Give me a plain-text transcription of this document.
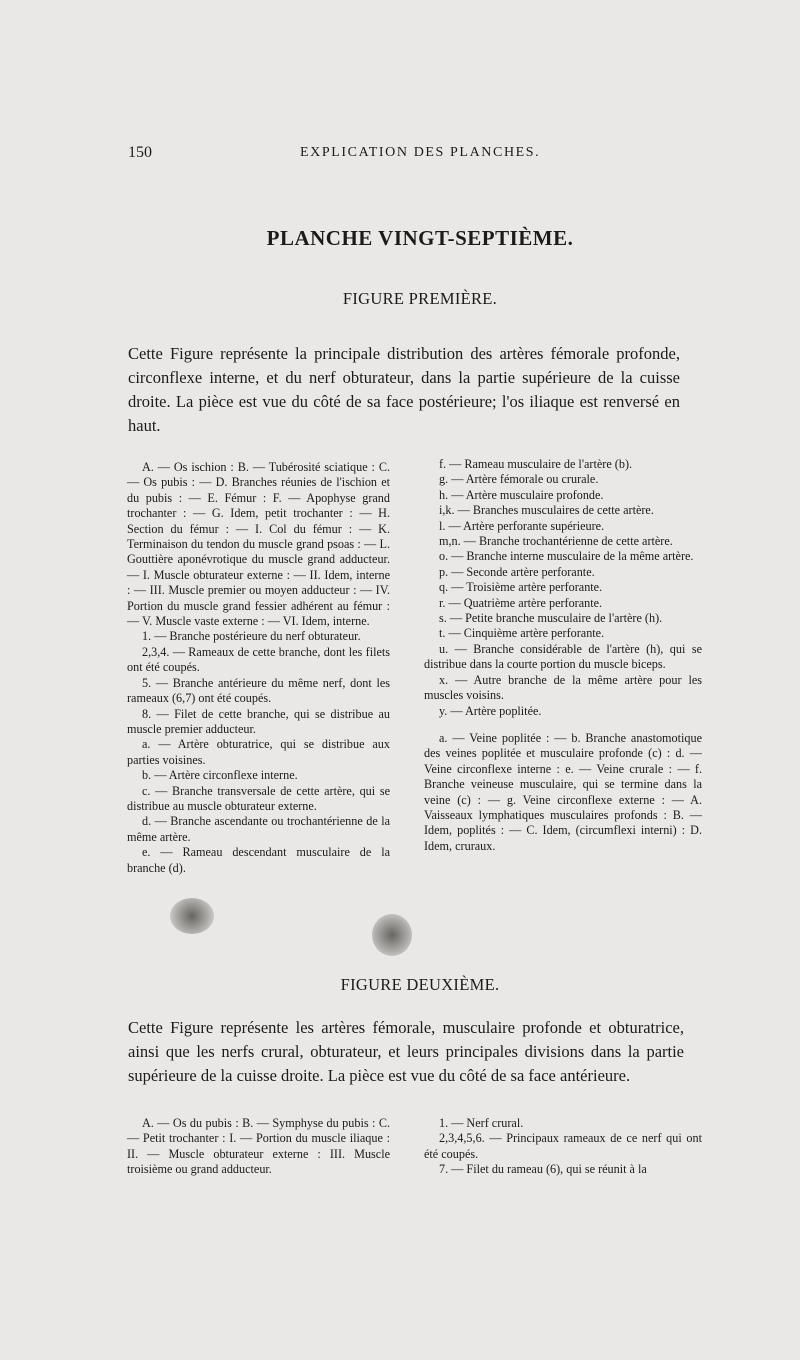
150	EXPLICATION DES PLANCHES.
PLANCHE VINGT-SEPTIÈME.
FIGURE PREMIÈRE.

Cette Figure représente la principale distribution des artères fémorale profonde, circonflexe interne, et du nerf obturateur, dans la partie supérieure de la cuisse droite. La pièce est vue du côté de sa face postérieure; l'os iliaque est renversé en haut.

A. — Os ischion : B. — Tubérosité sciatique : C. — Os pubis : — D. Branches réunies de l'ischion et du pubis : — E. Fémur : F. — Apophyse grand trochanter : — G. Idem, petit trochanter : — H. Section du fémur : — I. Col du fémur : — K. Terminaison du tendon du muscle grand psoas : — L. Gouttière aponévrotique du muscle grand adducteur. — I. Muscle obturateur externe : — II. Idem, interne : — III. Muscle premier ou moyen adducteur : — IV. Portion du muscle grand fessier adhérent au fémur : — V. Muscle vaste externe : — VI. Idem, interne.

1. — Branche postérieure du nerf obturateur.

2,3,4. — Rameaux de cette branche, dont les filets ont été coupés.

5. — Branche antérieure du même nerf, dont les rameaux (6,7) ont été coupés.

8. — Filet de cette branche, qui se distribue au muscle premier adducteur.

a. — Artère obturatrice, qui se distribue aux parties voisines.

b. — Artère circonflexe interne.

c. — Branche transversale de cette artère, qui se distribue au muscle obturateur externe.

d. — Branche ascendante ou trochantérienne de la même artère.

e. — Rameau descendant musculaire de la branche (d).

f. — Rameau musculaire de l'artère (b).

g. — Artère fémorale ou crurale.

h. — Artère musculaire profonde.

i,k. — Branches musculaires de cette artère.

l. — Artère perforante supérieure.

m,n. — Branche trochantérienne de cette artère.

o. — Branche interne musculaire de la même artère.

p. — Seconde artère perforante.

q. — Troisième artère perforante.

r. — Quatrième artère perforante.

s. — Petite branche musculaire de l'artère (h).

t. — Cinquième artère perforante.

u. — Branche considérable de l'artère (h), qui se distribue dans la courte portion du muscle biceps.

x. — Autre branche de la même artère pour les muscles voisins.

y. — Artère poplitée.

a. — Veine poplitée : — b. Branche anastomotique des veines poplitée et musculaire profonde (c) : d. — Veine circonflexe interne : e. — Veine crurale : — f. Branche veineuse musculaire, qui se termine dans la veine (c) : — g. Veine circonflexe externe : — A. Vaisseaux lymphatiques musculaires profonds : B. — Idem, poplités : — C. Idem, (circumflexi interni) : D. Idem, cruraux.

FIGURE DEUXIÈME.

Cette Figure représente les artères fémorale, musculaire profonde et obturatrice, ainsi que les nerfs crural, obturateur, et leurs principales divisions dans la partie supérieure de la cuisse droite. La pièce est vue du côté de sa face antérieure.

A. — Os du pubis : B. — Symphyse du pubis : C. — Petit trochanter : I. — Portion du muscle iliaque : II. — Muscle obturateur externe : III. Muscle troisième ou grand adducteur.

1. — Nerf crural.

2,3,4,5,6. — Principaux rameaux de ce nerf qui ont été coupés.

7. — Filet du rameau (6), qui se réunit à la
